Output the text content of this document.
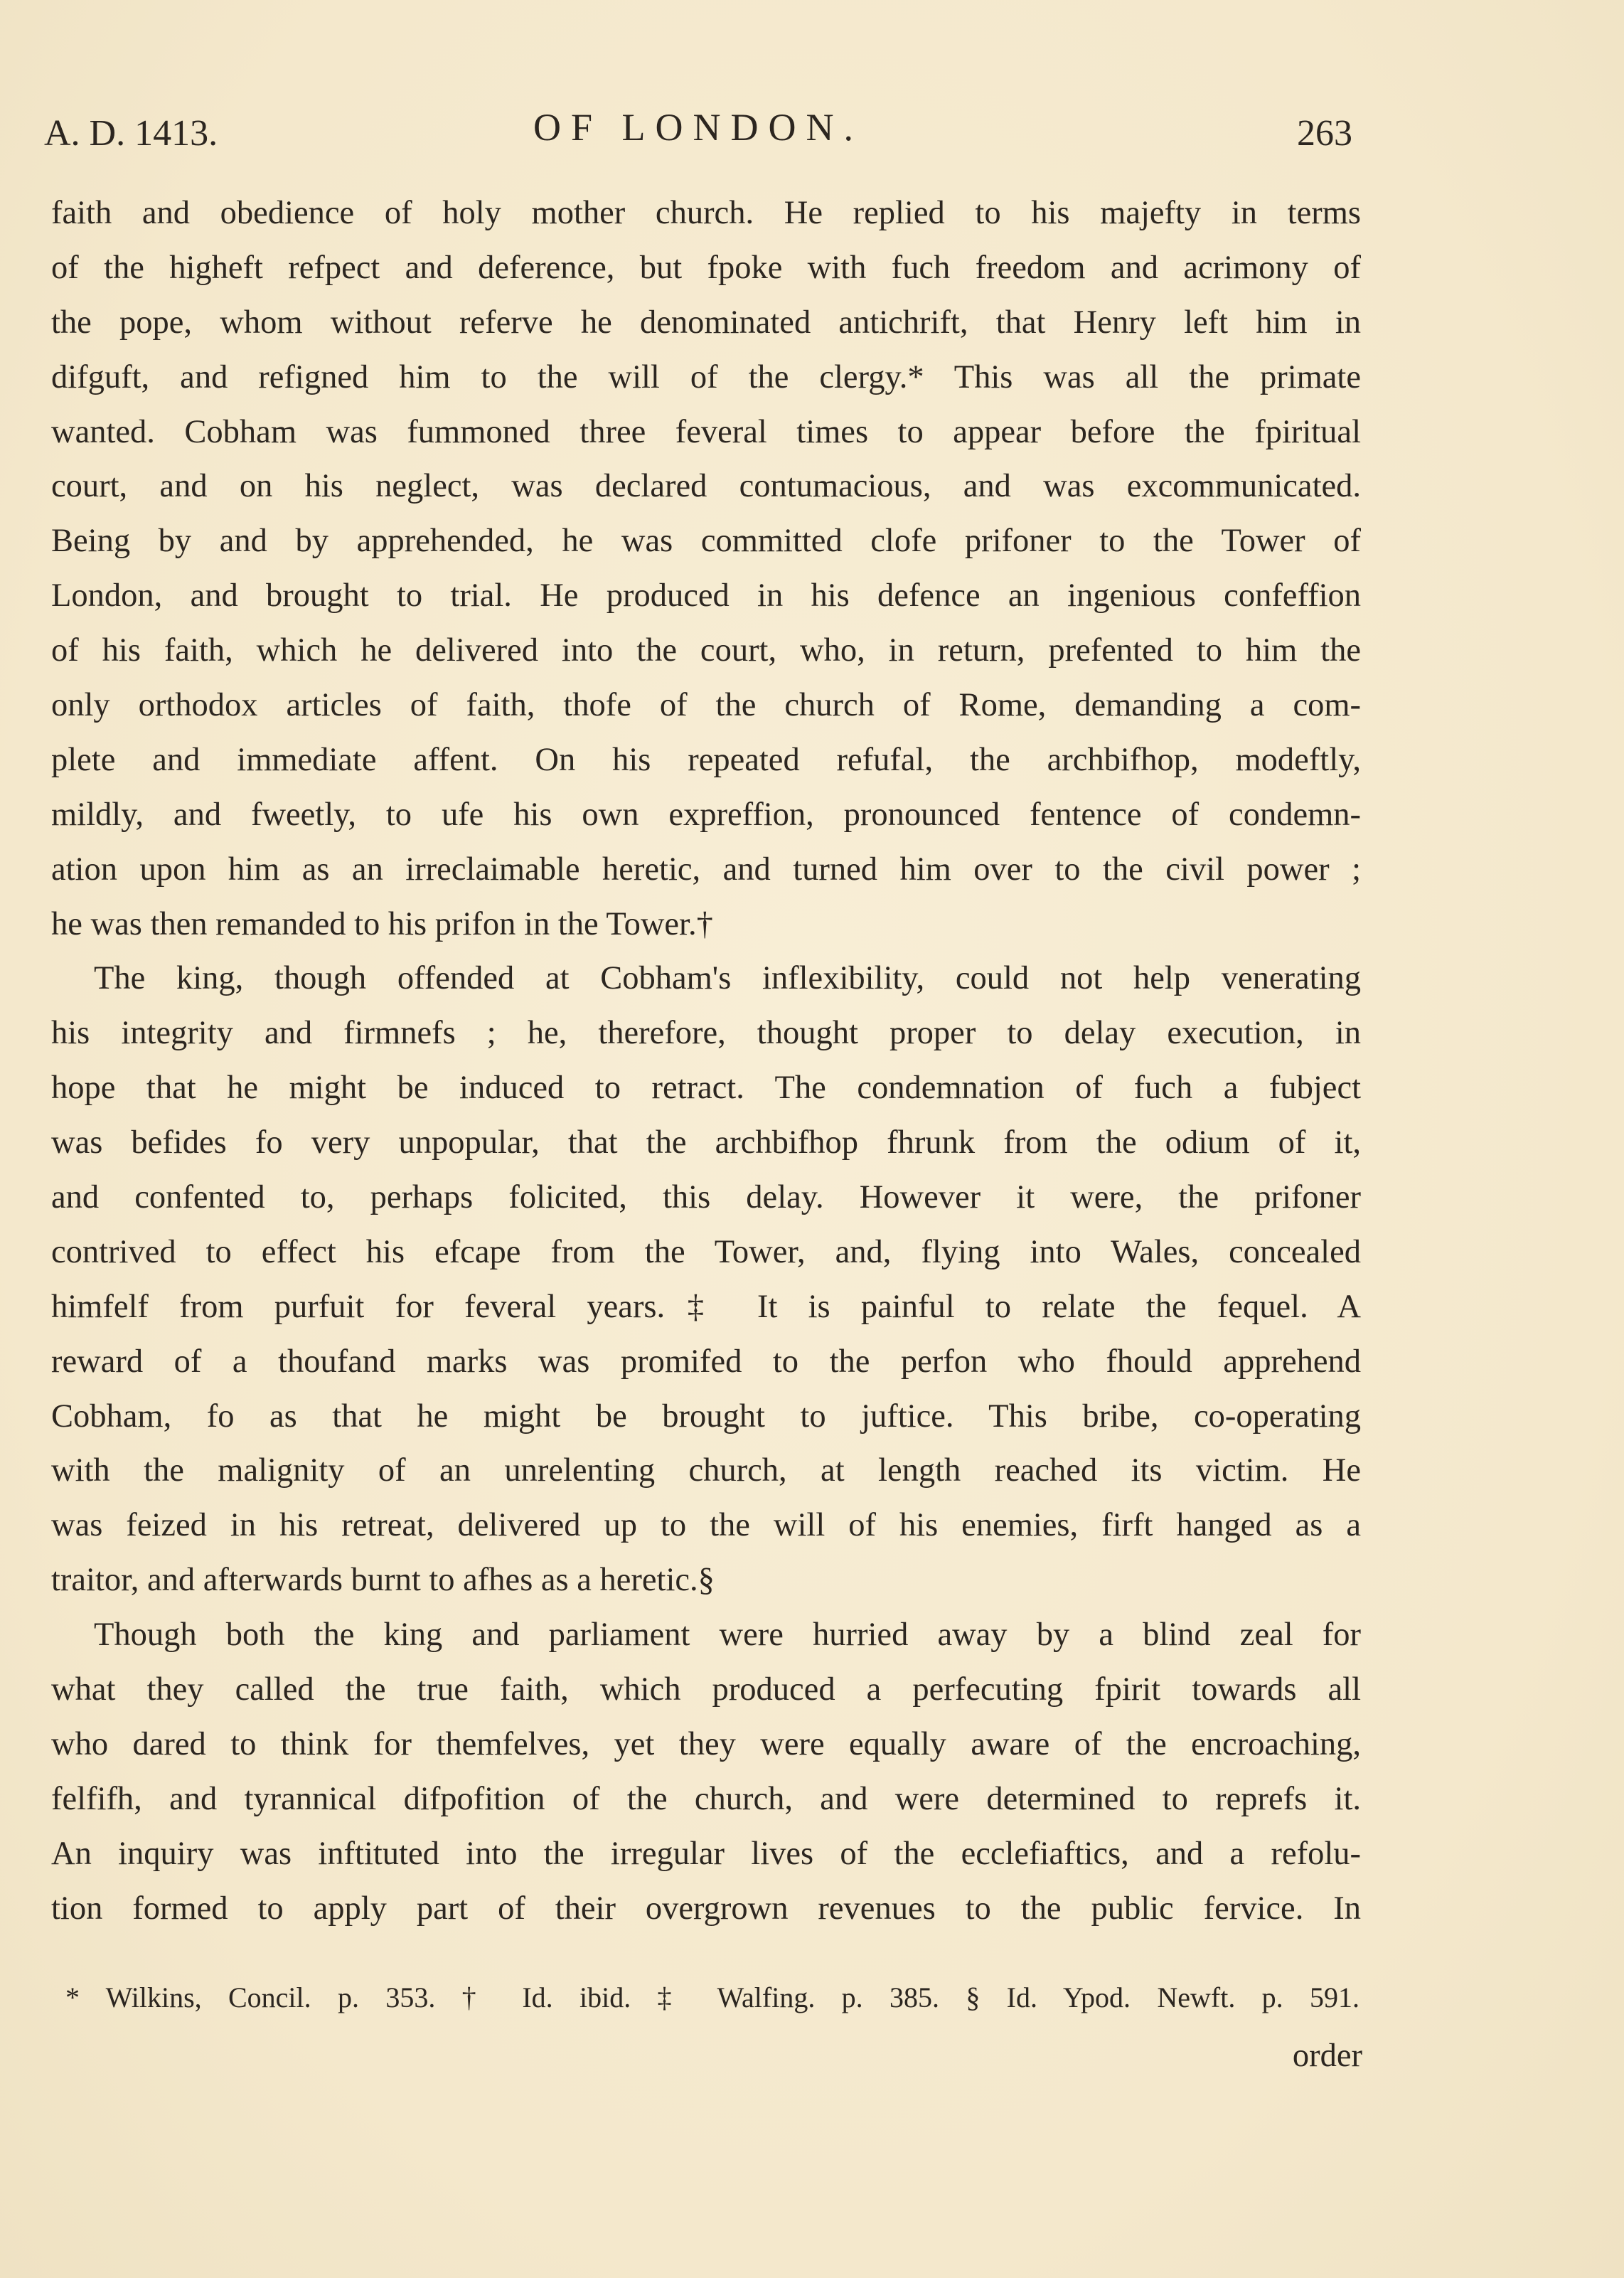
A. D. 1413.	OF LONDON.	263
faith and obedience of holy mother church. He replied to his majefty in terms
of the higheft refpect and deference, but fpoke with fuch freedom and acrimony of
the pope, whom without referve he denominated antichrift, that Henry left him in
difguft, and refigned him to the will of the clergy.* This was all the primate
wanted. Cobham was fummoned three feveral times to appear before the fpiritual
court, and on his neglect, was declared contumacious, and was excommunicated.
Being by and by apprehended, he was committed clofe prifoner to the Tower of
London, and brought to trial. He produced in his defence an ingenious confeffion
of his faith, which he delivered into the court, who, in return, prefented to him the
only orthodox articles of faith, thofe of the church of Rome, demanding a com-
plete and immediate affent. On his repeated refufal, the archbifhop, modeftly,
mildly, and fweetly, to ufe his own expreffion, pronounced fentence of condemn-
ation upon him as an irreclaimable heretic, and turned him over to the civil power ;
he was then remanded to his prifon in the Tower.†
The king, though offended at Cobham's inflexibility, could not help venerating
his integrity and firmnefs ; he, therefore, thought proper to delay execution, in
hope that he might be induced to retract. The condemnation of fuch a fubject
was befides fo very unpopular, that the archbifhop fhrunk from the odium of it,
and confented to, perhaps folicited, this delay. However it were, the prifoner
contrived to effect his efcape from the Tower, and, flying into Wales, concealed
himfelf from purfuit for feveral years.‡ It is painful to relate the fequel. A
reward of a thoufand marks was promifed to the perfon who fhould apprehend
Cobham, fo as that he might be brought to juftice. This bribe, co-operating
with the malignity of an unrelenting church, at length reached its victim. He
was feized in his retreat, delivered up to the will of his enemies, firft hanged as a
traitor, and afterwards burnt to afhes as a heretic.§
Though both the king and parliament were hurried away by a blind zeal for
what they called the true faith, which produced a perfecuting fpirit towards all
who dared to think for themfelves, yet they were equally aware of the encroaching,
felfifh, and tyrannical difpofition of the church, and were determined to reprefs it.
An inquiry was inftituted into the irregular lives of the ecclefiaftics, and a refolu-
tion formed to apply part of their overgrown revenues to the public fervice. In
* Wilkins, Concil. p. 353. † Id. ibid. ‡ Walfing. p. 385. § Id. Ypod. Newft. p. 591.
order
